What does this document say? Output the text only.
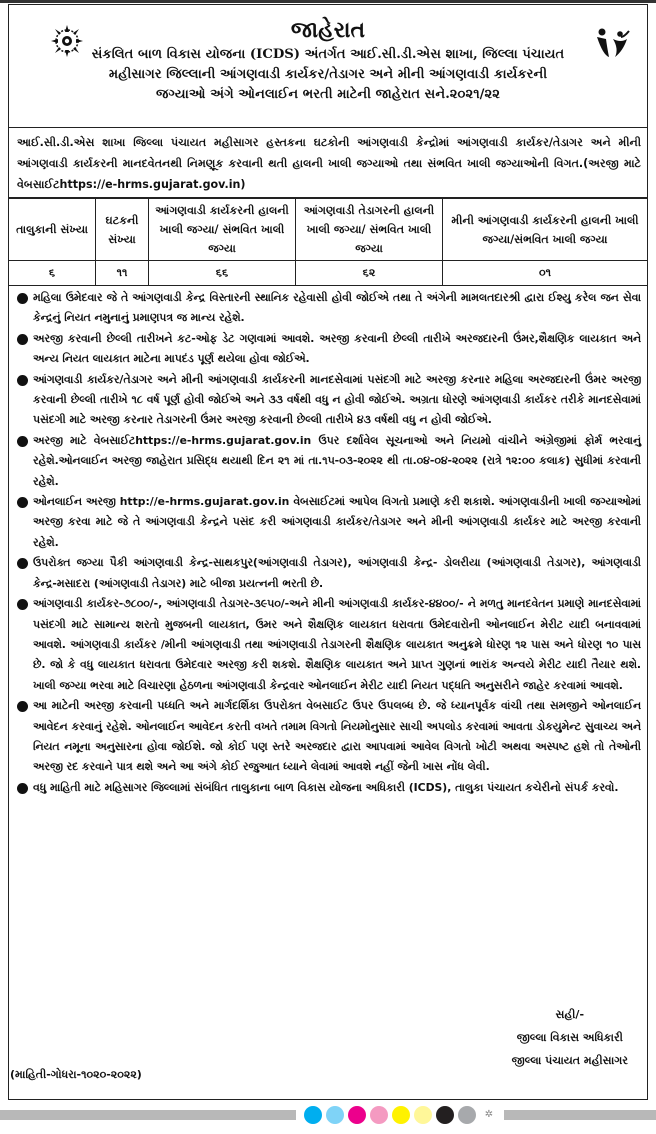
જાહેરાત
સંકલિત બાળ વિકાસ યોજના (ICDS) અંતર્ગત આઈ.સી.ડી.એસ શાખા, જિલ્લા પંચાયત
મહીસાગર જિલ્લાની આંગણવાડી કાર્યકર/તેડાગર અને મીની આંગણવાડી કાર્યકરની
જગ્યાઓ અંગે ઓનલાઈન ભરતી માટેની જાહેરાત સને.૨૦૨૧/૨૨
આઈ.સી.ડી.એસ શાખા જિલ્લા પંચાયત મહીસાગર હસ્તકના ઘટકોની આંગણવાડી કેન્દ્રોમાં આંગણવાડી કાર્યકર/તેડાગર અને મીની આંગણવાડી કાર્યકરની માનદવેતનથી નિમણૂક કરવાની થતી હાલની ખાલી જગ્યાઓ તથા સંભવિત ખાલી જગ્યાઓની વિગત.(અરજી માટે વેબસાઈટhttps://e-hrms.gujarat.gov.in)
તાલુકાની સંખ્યા	ઘટકની સંખ્યા	આંગણવાડી કાર્યકરની હાલની ખાલી જગ્યા/ સંભવિત ખાલી જગ્યા	આંગણવાડી તેડાગરની હાલની ખાલી જગ્યા/ સંભવિત ખાલી જગ્યા	મીની આંગણવાડી કાર્યકરની હાલની ખાલી જગ્યા/સંભવિત ખાલી જગ્યા
૬	૧૧	૬૬	૬૨	૦૧
મહિલા ઉમેદવાર જે તે આંગણવાડી કેન્દ્ર વિસ્તારની સ્થાનિક રહેવાસી હોવી જોઈએ તથા તે અંગેની મામલતદારશ્રી દ્વારા ઈશ્યુ કરેલ જન સેવા કેન્દ્રનું નિયત નમુનાનું પ્રમાણપત્ર જ માન્ય રહેશે.
અરજી કરવાની છેલ્લી તારીખને કટ-ઓફ ડેટ ગણવામાં આવશે. અરજી કરવાની છેલ્લી તારીખે અરજદારની ઉંમર,શૈક્ષણિક લાયકાત અને અન્ય નિયત લાયકાત માટેના માપદંડ પૂર્ણ થયેલા હોવા જોઈએ.
આંગણવાડી કાર્યકર/તેડાગર અને મીની આંગણવાડી કાર્યકરની માનદસેવામાં પસંદગી માટે અરજી કરનાર મહિલા અરજદારની ઉંમર અરજી કરવાની છેલ્લી તારીખે ૧૮ વર્ષ પૂર્ણ હોવી જોઈએ અને ૩૩ વર્ષથી વધુ ન હોવી જોઈએ. અગ્રતા ધોરણે આંગણવાડી કાર્યકર તરીકે માનદસેવામાં પસંદગી માટે અરજી કરનાર તેડાગરની ઉંમર અરજી કરવાની છેલ્લી તારીખે ૪૩ વર્ષથી વધુ ન હોવી જોઈએ.
અરજી માટે વેબસાઈટhttps://e-hrms.gujarat.gov.in ઉપર દર્શાવેલ સૂચનાઓ અને નિયમો વાંચીને અંગ્રેજીમાં ફોર્મ ભરવાનું રહેશે.ઓનલાઈન અરજી જાહેરાત પ્રસિદ્ધ થયાથી દિન ૨૧ માં તા.૧૫-૦૩-૨૦૨૨ થી તા.૦૪-૦૪-૨૦૨૨ (રાત્રે ૧૨:૦૦ કલાક) સુધીમાં કરવાની રહેશે.
ઓનલાઈન અરજી http://e-hrms.gujarat.gov.in વેબસાઈટમાં આપેલ વિગતો પ્રમાણે કરી શકાશે. આંગણવાડીની ખાલી જગ્યાઓમાં અરજી કરવા માટે જે તે આંગણવાડી કેન્દ્રને પસંદ કરી આંગણવાડી કાર્યકર/તેડાગર અને મીની આંગણવાડી કાર્યકર માટે અરજી કરવાની રહેશે.
ઉપરોક્ત જગ્યા પૈકી આંગણવાડી કેન્દ્ર-સાથકપુર(આંગણવાડી તેડાગર), આંગણવાડી કેન્દ્ર- ડોલરીયા (આંગણવાડી તેડાગર), આંગણવાડી કેન્દ્ર-મસાદરા (આંગણવાડી તેડાગર) માટે બીજા પ્રયત્નની ભરતી છે.
આંગણવાડી કાર્યકર-૭૮૦૦/-, આંગણવાડી તેડાગર-૩૯૫૦/-અને મીની આંગણવાડી કાર્યકર-૪૪૦૦/- ને મળતુ માનદવેતન પ્રમાણે માનદસેવામાં પસંદગી માટે સામાન્ય શરતો મુજબની લાયકાત, ઉમર અને શૈક્ષણિક લાયકાત ધરાવતા ઉમેદવારોની ઓનલાઈન મેરીટ યાદી બનાવવામાં આવશે. આંગણવાડી કાર્યકર /મીની આંગણવાડી તથા આંગણવાડી તેડાગરની શૈક્ષણિક લાયકાત અનુક્રમે ધોરણ ૧૨ પાસ અને ધોરણ ૧૦ પાસ છે. જો કે વધુ લાયકાત ધરાવતા ઉમેદવાર અરજી કરી શકશે. શૈક્ષણિક લાયકાત અને પ્રાપ્ત ગુણનાં ભારાંક અન્વયે મેરીટ યાદી તૈયાર થશે. ખાલી જગ્યા ભરવા માટે વિચારણા હેઠળના આંગણવાડી કેન્દ્રવાર ઓનલાઈન મેરીટ યાદી નિયત પદ્ધતિ અનુસરીને જાહેર કરવામાં આવશે.
આ માટેની અરજી કરવાની પધ્ધતિ અને માર્ગદર્શિકા ઉપરોક્ત વેબસાઈટ ઉપર ઉપલબ્ધ છે. જે ધ્યાનપૂર્વક વાંચી તથા સમજીને ઓનલાઈન આવેદન કરવાનું રહેશે. ઓનલાઈન આવેદન કરતી વખતે તમામ વિગતો નિયમોનુસાર સાચી અપલોડ કરવામાં આવતા ડોકયુમેન્ટ સુવાચ્ય અને નિયત નમૂના અનુસારના હોવા જોઈશે. જો કોઈ પણ સ્તરે અરજદાર દ્વારા આપવામાં આવેલ વિગતો ખોટી અથવા અસ્પષ્ટ હશે તો તેઓની અરજી રદ કરવાને પાત્ર થશે અને આ અંગે કોઈ રજુઆત ધ્યાને લેવામાં આવશે નહીં જેની ખાસ નોંધ લેવી.
વધુ માહિતી માટે મહિસાગર જિલ્લામાં સંબંધિત તાલુકાના બાળ વિકાસ યોજના અધિકારી (ICDS), તાલુકા પંચાયત કચેરીનો સંપર્ક કરવો.
સહી/-
જીલ્લા વિકાસ અધિકારી
જીલ્લા પંચાયત મહીસાગર
(માહિતી-ગોધરા-૧૦૨૦-૨૦૨૨)
✲
